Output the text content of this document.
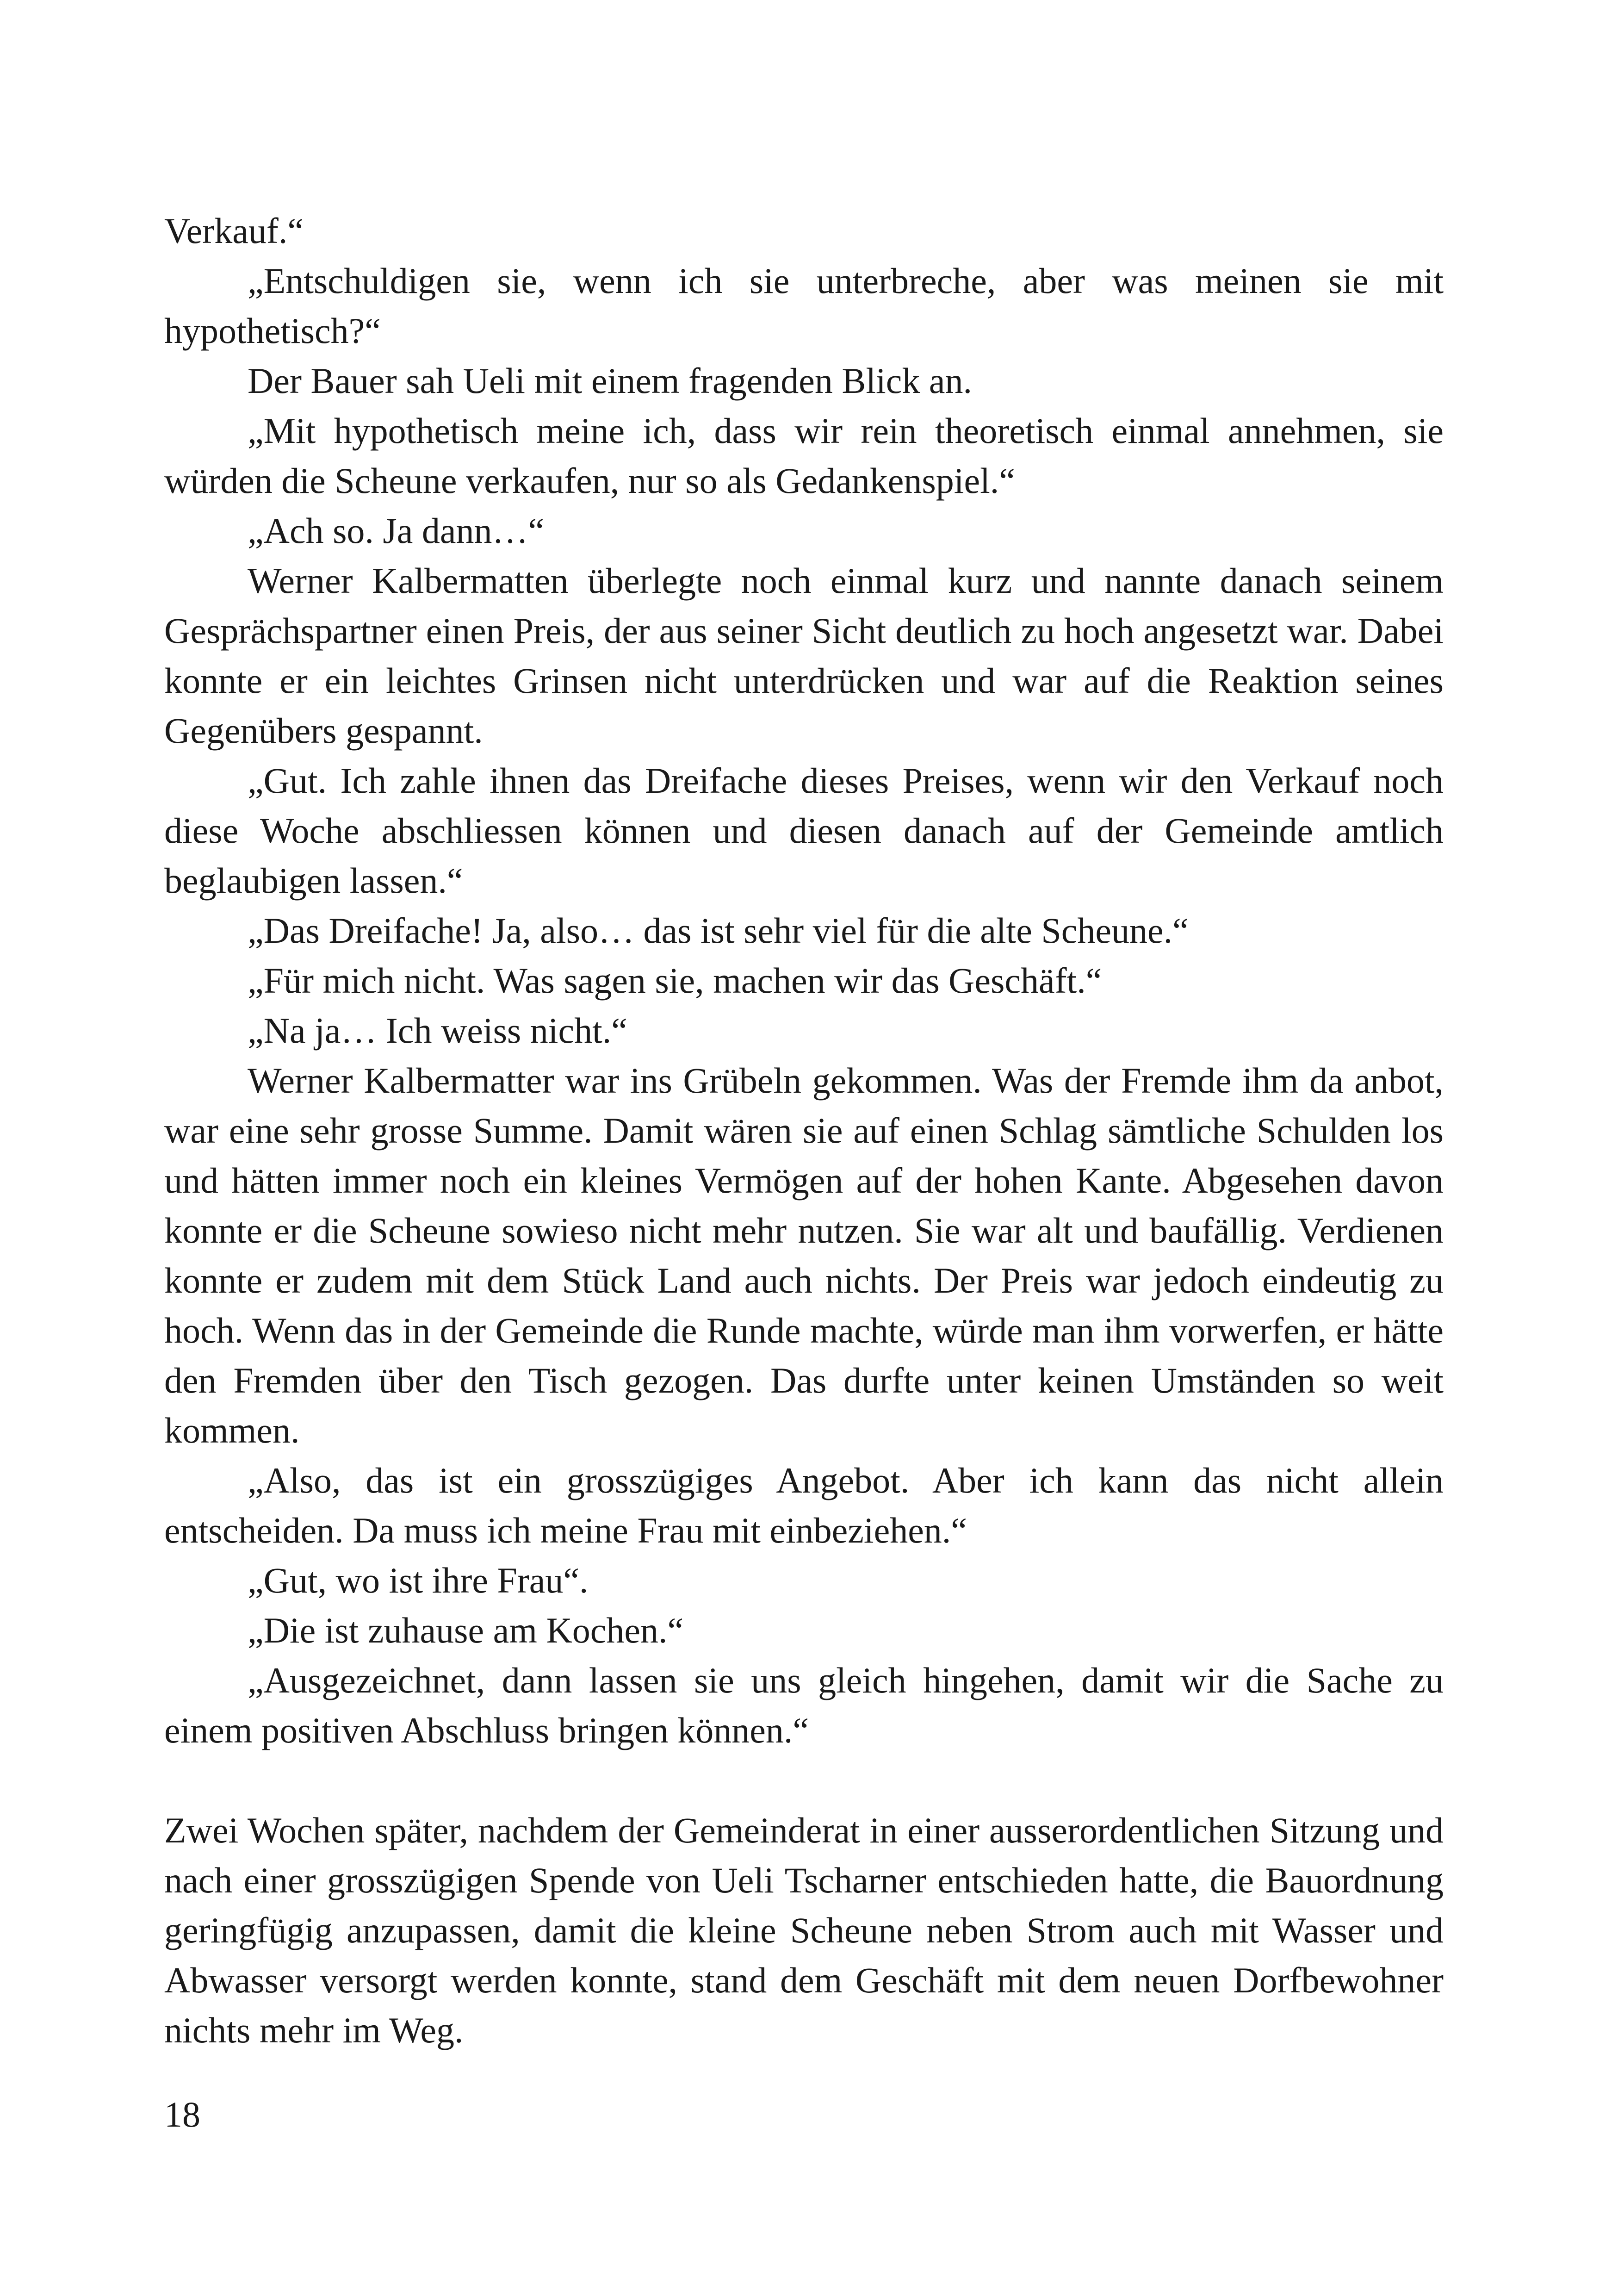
Verkauf.“

„Entschuldigen sie, wenn ich sie unterbreche, aber was meinen sie mit hypothetisch?“

Der Bauer sah Ueli mit einem fragenden Blick an.

„Mit hypothetisch meine ich, dass wir rein theoretisch einmal annehmen, sie würden die Scheune verkaufen, nur so als Gedankenspiel.“

„Ach so. Ja dann…“

Werner Kalbermatten überlegte noch einmal kurz und nannte danach seinem Gesprächspartner einen Preis, der aus seiner Sicht deutlich zu hoch angesetzt war. Dabei konnte er ein leichtes Grinsen nicht unterdrücken und war auf die Reaktion seines Gegenübers gespannt.

„Gut. Ich zahle ihnen das Dreifache dieses Preises, wenn wir den Verkauf noch diese Woche abschliessen können und diesen danach auf der Gemeinde amtlich beglaubigen lassen.“

„Das Dreifache! Ja, also… das ist sehr viel für die alte Scheune.“

„Für mich nicht. Was sagen sie, machen wir das Geschäft.“

„Na ja… Ich weiss nicht.“

Werner Kalbermatter war ins Grübeln gekommen. Was der Fremde ihm da anbot, war eine sehr grosse Summe. Damit wären sie auf einen Schlag sämtliche Schulden los und hätten immer noch ein kleines Vermögen auf der hohen Kante. Abgesehen davon konnte er die Scheune sowieso nicht mehr nutzen. Sie war alt und baufällig. Verdienen konnte er zudem mit dem Stück Land auch nichts. Der Preis war jedoch eindeutig zu hoch. Wenn das in der Gemeinde die Runde machte, würde man ihm vorwerfen, er hätte den Fremden über den Tisch gezogen. Das durfte unter keinen Umständen so weit kommen.

„Also, das ist ein grosszügiges Angebot. Aber ich kann das nicht allein entscheiden. Da muss ich meine Frau mit einbeziehen.“

„Gut, wo ist ihre Frau“.

„Die ist zuhause am Kochen.“

„Ausgezeichnet, dann lassen sie uns gleich hingehen, damit wir die Sache zu einem positiven Abschluss bringen können.“

Zwei Wochen später, nachdem der Gemeinderat in einer ausserordentlichen Sitzung und nach einer grosszügigen Spende von Ueli Tscharner entschieden hatte, die Bauordnung geringfügig anzupassen, damit die kleine Scheune neben Strom auch mit Wasser und Abwasser versorgt werden konnte, stand dem Geschäft mit dem neuen Dorfbewohner nichts mehr im Weg.

18
